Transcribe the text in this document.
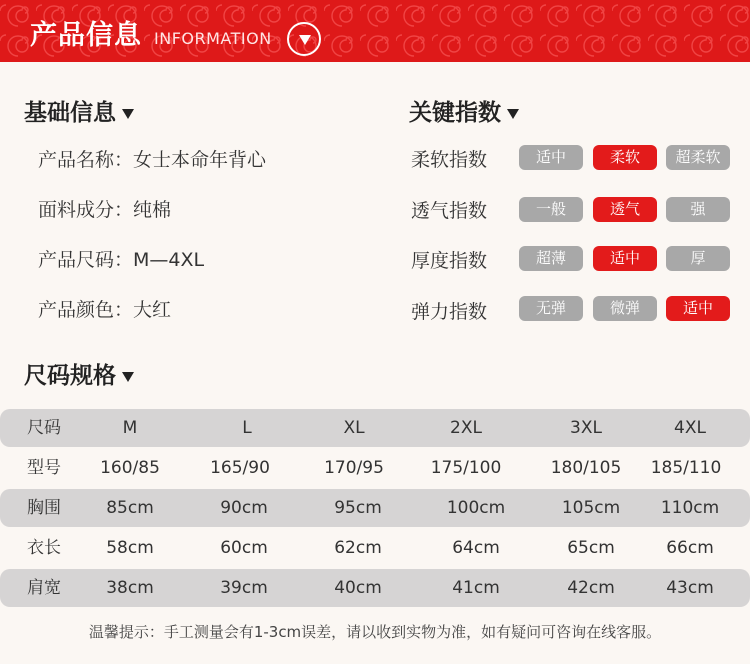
产品信息 INFORMATION
基础信息
产品名称：女士本命年背心
面料成分：纯棉
产品尺码：M—4XL
产品颜色：大红
关键指数
柔软指数	适中	柔软	超柔软
透气指数	一般	透气	强
厚度指数	超薄	适中	厚
弹力指数	无弹	微弹	适中
尺码规格
尺码	M	L	XL	2XL	3XL	4XL
型号	160/85	165/90	170/95	175/100	180/105	185/110
胸围	85cm	90cm	95cm	100cm	105cm	110cm
衣长	58cm	60cm	62cm	64cm	65cm	66cm
肩宽	38cm	39cm	40cm	41cm	42cm	43cm
温馨提示：手工测量会有1-3cm误差，请以收到实物为准，如有疑问可咨询在线客服。
